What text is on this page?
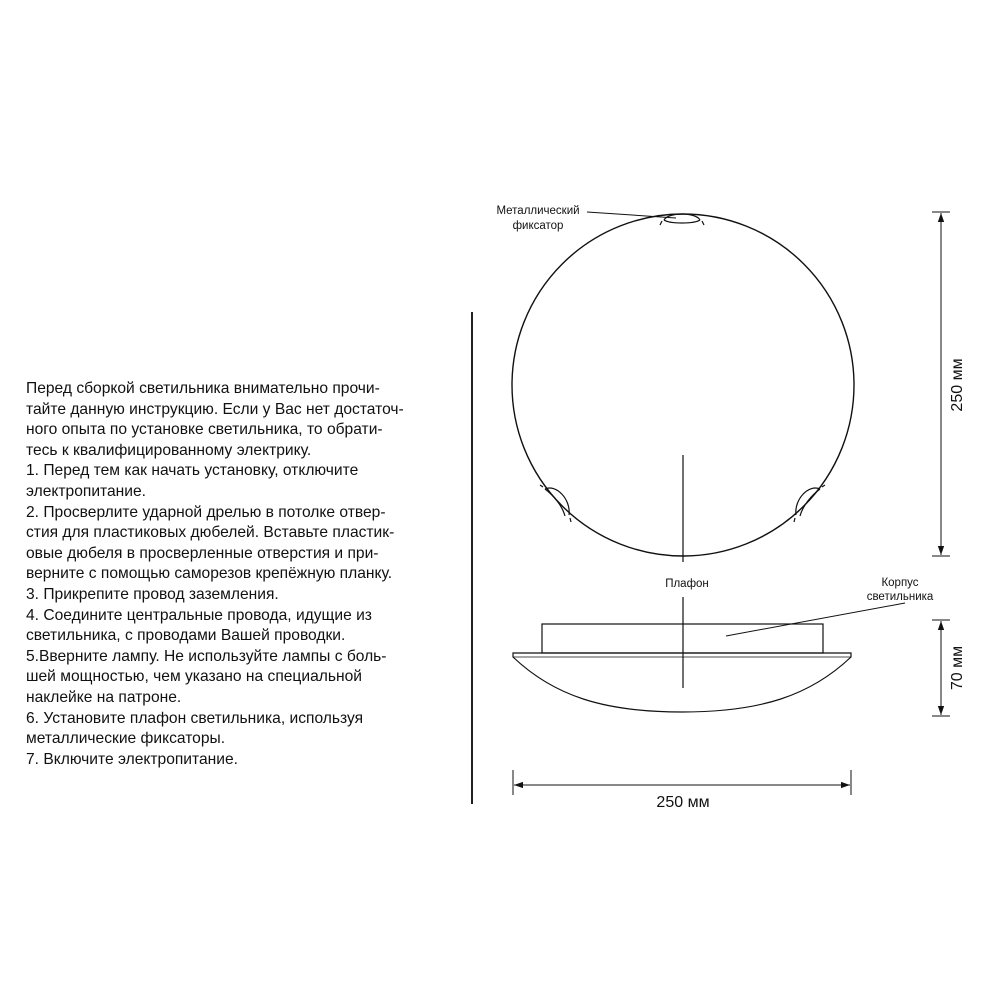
Перед сборкой светильника внимательно прочи-
тайте данную инструкцию. Если у Вас нет достаточ-
ного опыта по установке светильника, то обрати-
тесь к квалифицированному электрику.

1. Перед тем как начать установку, отключите
электропитание.

2. Просверлите ударной дрелью в потолке отвер-
стия для пластиковых дюбелей. Вставьте пластик-
овые дюбеля в просверленные отверстия и при-
верните с помощью саморезов крепёжную планку.

3. Прикрепите провод заземления.

4. Соедините центральные провода, идущие из
светильника, с проводами Вашей проводки.

5.Вверните лампу. Не используйте лампы с боль-
шей мощностью, чем указано на специальной
наклейке на патроне.

6. Установите плафон светильника, используя
металлические фиксаторы.

7. Включите электропитание.

Металлический
фиксатор
Плафон	Корпус
светильника
250 мм
70 мм
250 мм
